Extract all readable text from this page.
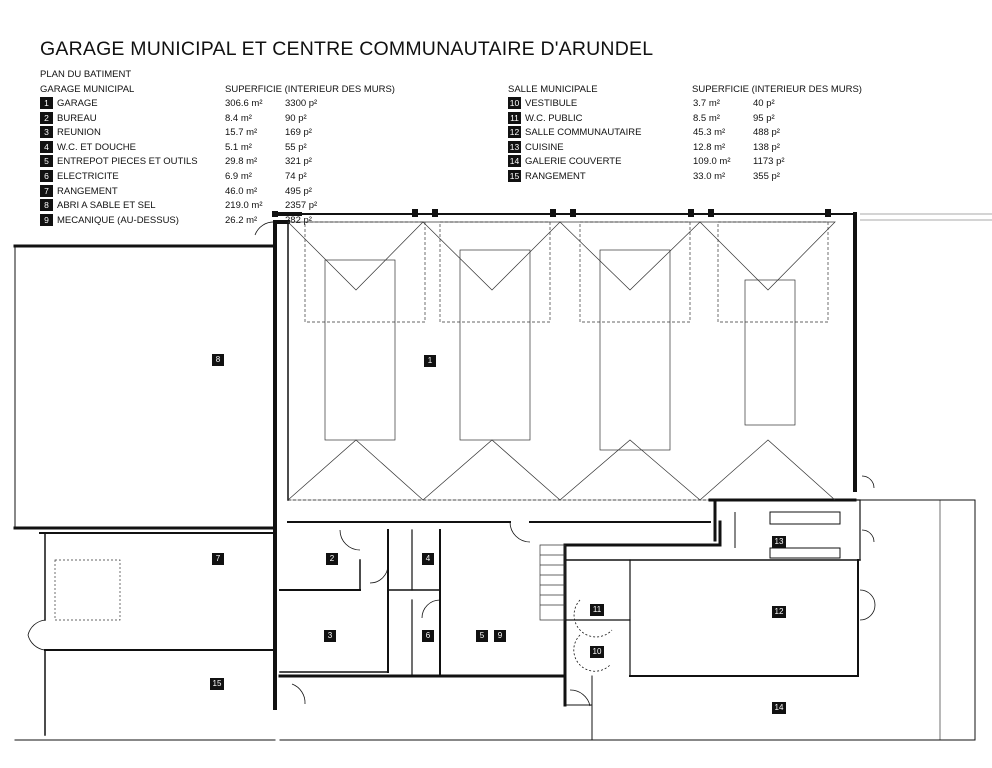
GARAGE MUNICIPAL ET CENTRE COMMUNAUTAIRE D'ARUNDEL
PLAN DU BATIMENT
GARAGE MUNICIPAL	SUPERFICIE (INTERIEUR DES MURS)
1 GARAGE	306.6 m² 3300 p²
2 BUREAU	8.4 m²	90 p²
3 REUNION	15.7 m²	169 p²
4 W.C. ET DOUCHE	5.1 m²	55 p²
5 ENTREPOT PIECES ET OUTILS	29.8 m²	321 p²
6 ELECTRICITE	6.9 m²	74 p²
7 RANGEMENT	46.0 m²	495 p²
8 ABRI A SABLE ET SEL	219.0 m² 2357 p²
9 MECANIQUE (AU-DESSUS)	26.2 m²	282 p²
SALLE MUNICIPALE	SUPERFICIE (INTERIEUR DES MURS)
10 VESTIBULE	3.7 m²	40 p²
11 W.C. PUBLIC	8.5 m²	95 p²
12 SALLE COMMUNAUTAIRE	45.3 m²	488 p²
13 CUISINE	12.8 m²	138 p²
14 GALERIE COUVERTE	109.0 m² 1173 p²
15 RANGEMENT	33.0 m²	355 p²
1
2
3
4
5	9
6
7
8
10
11	12
13
14
15
